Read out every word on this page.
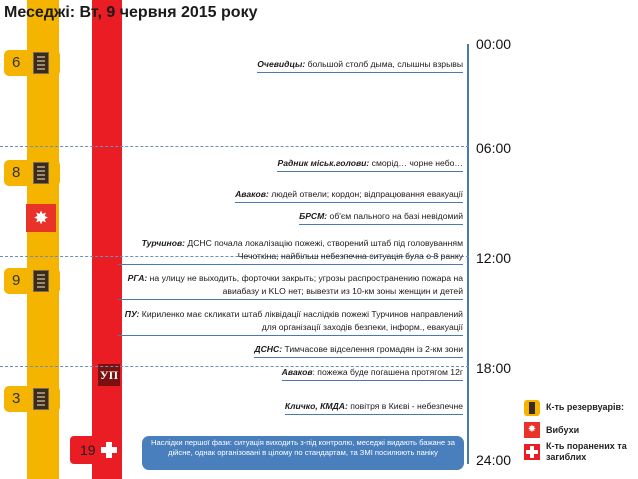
Меседжі: Вт, 9 червня 2015 року
6
8
9
3
✸
УП
19
00:00
06:00
12:00
18:00
24:00
Очевидцы: большой столб дыма, слышны взрывы
Радник міськ.голови: сморід… чорне небо…
Аваков: людей отвели; кордон; відпрацювання евакуації
БРСМ: об'єм пального на базі невідомий
Турчинов: ДСНС почала локалізацію пожежі, створений штаб під головуванням Чечоткіна; найбільш небезпечна ситуація була о 8 ранку
РГА: на улицу не выходить, форточки закрыть; угрозы распространению пожара на авиабазу и KLO нет; вывезти из 10-км зоны женщин и детей
ПУ: Кириленко має скликати штаб ліквідації наслідків пожежі Турчинов направлений для організації заходів безпеки, інформ., евакуації
ДСНС: Тимчасове відселення громадян із 2-км зони
Аваков: пожежа буде погашена протягом 12г
Кличко, КМДА: повітря в Києві - небезпечне
Наслідки першої фази: ситуація виходить з-під контролю, меседжі видають бажане за дійсне, однак організовані в цілому по стандартам, та ЗМІ посилюють паніку
К-ть резервуарів:
✸	Вибухи
К-ть поранених та загиблих
